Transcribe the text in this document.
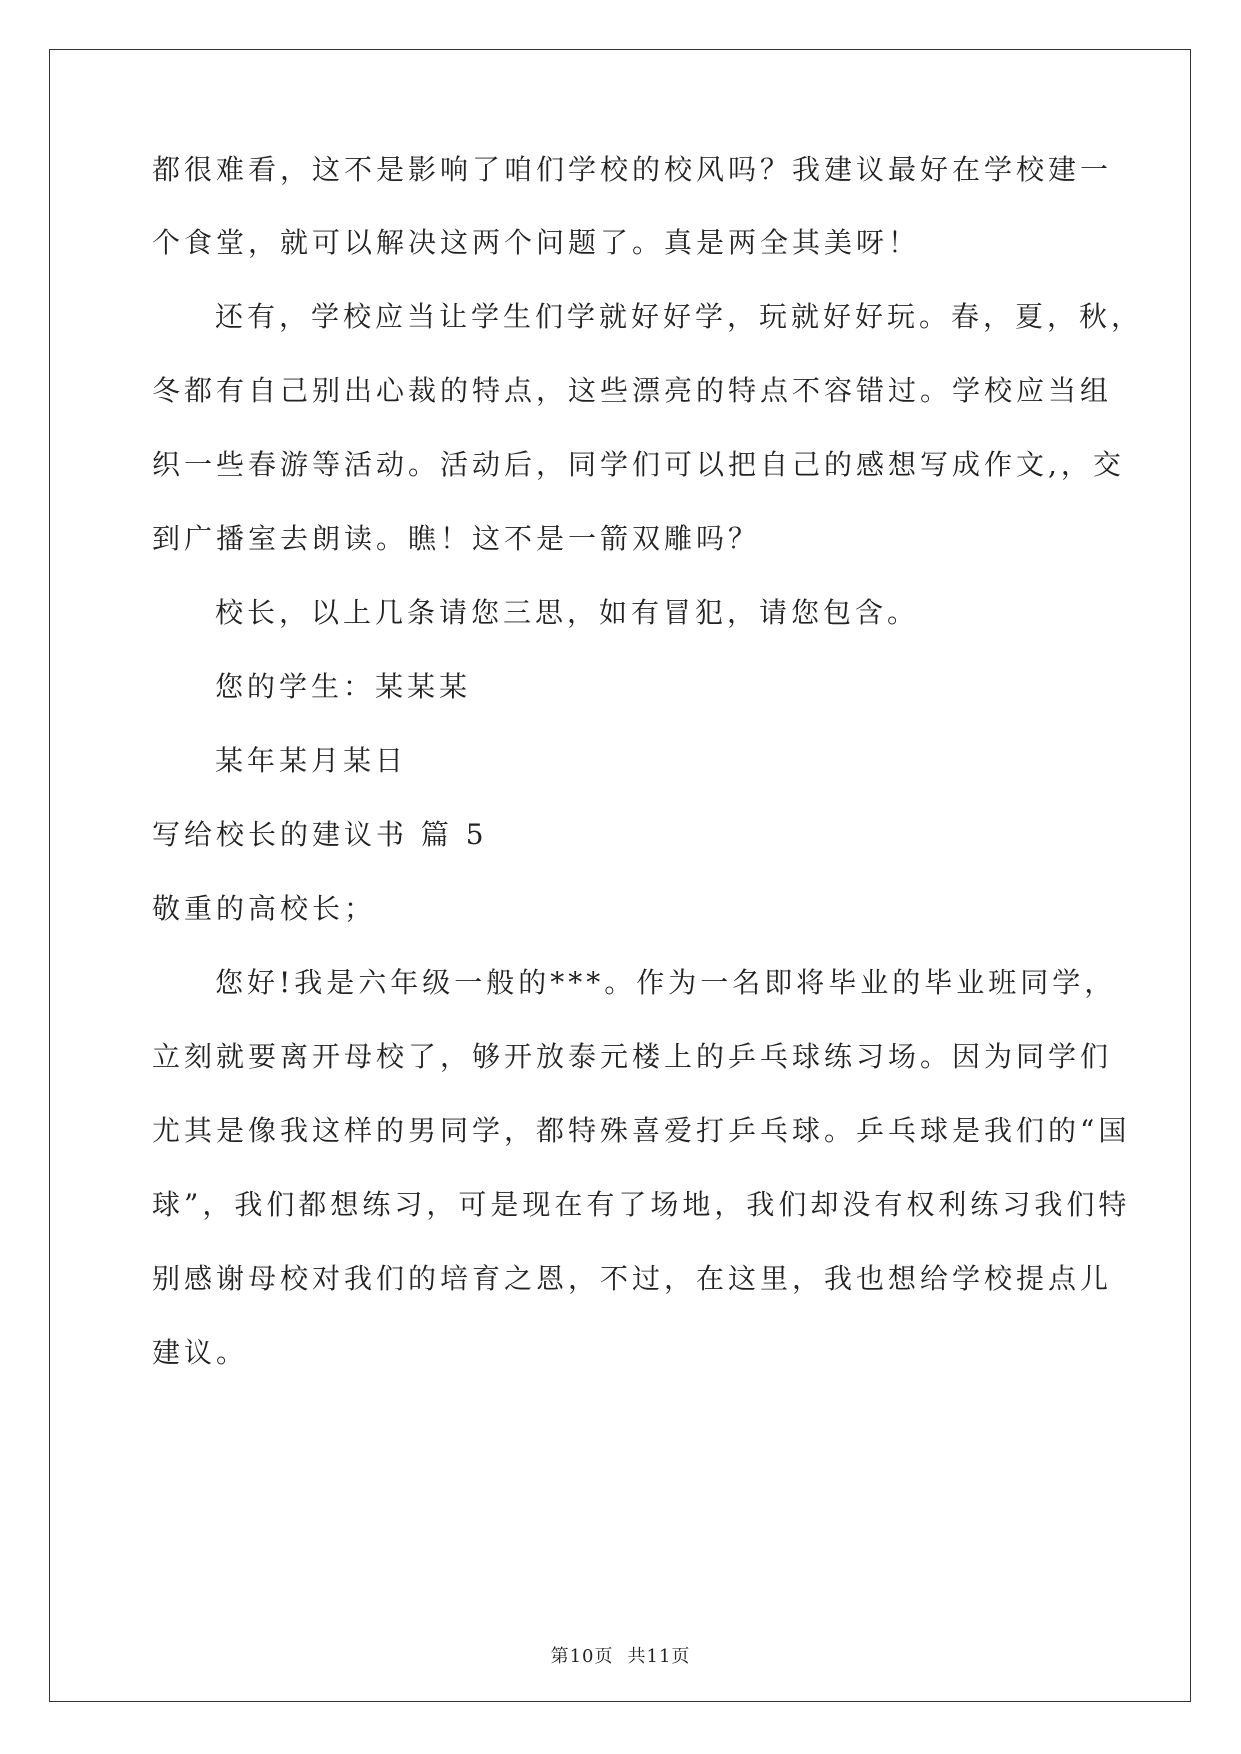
都很难看，这不是影响了咱们学校的校风吗？我建议最好在学校建一
个食堂，就可以解决这两个问题了。真是两全其美呀！
还有，学校应当让学生们学就好好学，玩就好好玩。春，夏，秋，
冬都有自己别出心裁的特点，这些漂亮的特点不容错过。学校应当组
织一些春游等活动。活动后，同学们可以把自己的感想写成作文,，交
到广播室去朗读。瞧！这不是一箭双雕吗？
校长，以上几条请您三思，如有冒犯，请您包含。
您的学生：某某某
某年某月某日
写给校长的建议书 篇 5
敬重的高校长；
您好!我是六年级一般的***。作为一名即将毕业的毕业班同学，
立刻就要离开母校了，够开放泰元楼上的乒乓球练习场。因为同学们
尤其是像我这样的男同学，都特殊喜爱打乒乓球。乒乓球是我们的“国
球”，我们都想练习，可是现在有了场地，我们却没有权利练习我们特
别感谢母校对我们的培育之恩，不过，在这里，我也想给学校提点儿
建议。
第10页 共11页
